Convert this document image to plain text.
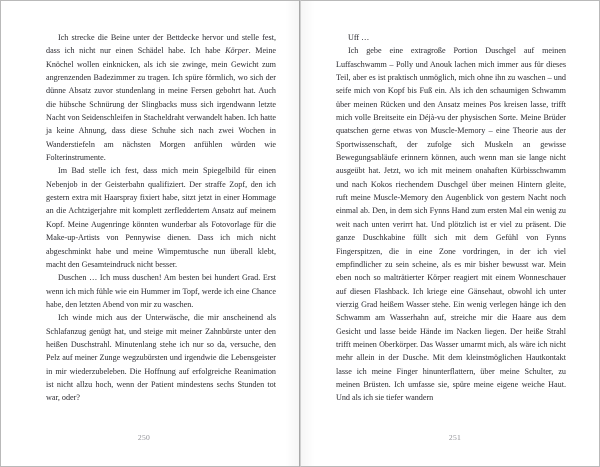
Ich strecke die Beine unter der Bettdecke hervor und stelle fest, dass ich nicht nur einen Schädel habe. Ich habe Körper. Meine Knöchel wollen einknicken, als ich sie zwinge, mein Gewicht zum angrenzenden Badezimmer zu tragen. Ich spüre förmlich, wo sich der dünne Absatz zuvor stundenlang in meine Fersen gebohrt hat. Auch die hübsche Schnürung der Slingbacks muss sich irgendwann letzte Nacht von Seidenschleifen in Stacheldraht verwandelt haben. Ich hatte ja keine Ahnung, dass diese Schuhe sich nach zwei Wochen in Wanderstiefeln am nächsten Morgen anfühlen würden wie Folterinstrumente.

Im Bad stelle ich fest, dass mich mein Spiegelbild für einen Nebenjob in der Geisterbahn qualifiziert. Der straffe Zopf, den ich gestern extra mit Haarspray fixiert habe, sitzt jetzt in einer Hommage an die Achtzigerjahre mit komplett zerfleddertem Ansatz auf meinem Kopf. Meine Augenringe könnten wunderbar als Fotovorlage für die Make-up-Artists von Pennywise dienen. Dass ich mich nicht abgeschminkt habe und meine Wimperntusche nun überall klebt, macht den Gesamteindruck nicht besser.

Duschen … Ich muss duschen! Am besten bei hundert Grad. Erst wenn ich mich fühle wie ein Hummer im Topf, werde ich eine Chance habe, den letzten Abend von mir zu waschen.

Ich winde mich aus der Unterwäsche, die mir anscheinend als Schlafanzug genügt hat, und steige mit meiner Zahnbürste unter den heißen Duschstrahl. Minutenlang stehe ich nur so da, versuche, den Pelz auf meiner Zunge wegzubürsten und irgendwie die Lebensgeister in mir wiederzubeleben. Die Hoffnung auf erfolgreiche Reanimation ist nicht allzu hoch, wenn der Patient mindestens sechs Stunden tot war, oder?

250

Uff …

Ich gebe eine extragroße Portion Duschgel auf meinen Luffaschwamm – Polly und Anouk lachen mich immer aus für dieses Teil, aber es ist praktisch unmöglich, mich ohne ihn zu waschen – und seife mich von Kopf bis Fuß ein. Als ich den schaumigen Schwamm über meinen Rücken und den Ansatz meines Pos kreisen lasse, trifft mich volle Breitseite ein Déjà-vu der physischen Sorte. Meine Brüder quatschen gerne etwas von Muscle-Memory – eine Theorie aus der Sportwissenschaft, der zufolge sich Muskeln an gewisse Bewegungsabläufe erinnern können, auch wenn man sie lange nicht ausgeübt hat. Jetzt, wo ich mit meinem onahaften Kürbisschwamm und nach Kokos riechendem Duschgel über meinen Hintern gleite, ruft meine Muscle-Memory den Augenblick von gestern Nacht noch einmal ab. Den, in dem sich Fynns Hand zum ersten Mal ein wenig zu weit nach unten verirrt hat. Und plötzlich ist er viel zu präsent. Die ganze Duschkabine füllt sich mit dem Gefühl von Fynns Fingerspitzen, die in eine Zone vordringen, in der ich viel empfindlicher zu sein scheine, als es mir bisher bewusst war. Mein eben noch so malträtierter Körper reagiert mit einem Wonneschauer auf diesen Flashback. Ich kriege eine Gänsehaut, obwohl ich unter vierzig Grad heißem Wasser stehe. Ein wenig verlegen hänge ich den Schwamm am Wasserhahn auf, streiche mir die Haare aus dem Gesicht und lasse beide Hände im Nacken liegen. Der heiße Strahl trifft meinen Oberkörper. Das Wasser umarmt mich, als wäre ich nicht mehr allein in der Dusche. Mit dem kleinstmöglichen Hautkontakt lasse ich meine Finger hinunterflattern, über meine Schulter, zu meinen Brüsten. Ich umfasse sie, spüre meine eigene weiche Haut. Und als ich sie tiefer wandern

251
